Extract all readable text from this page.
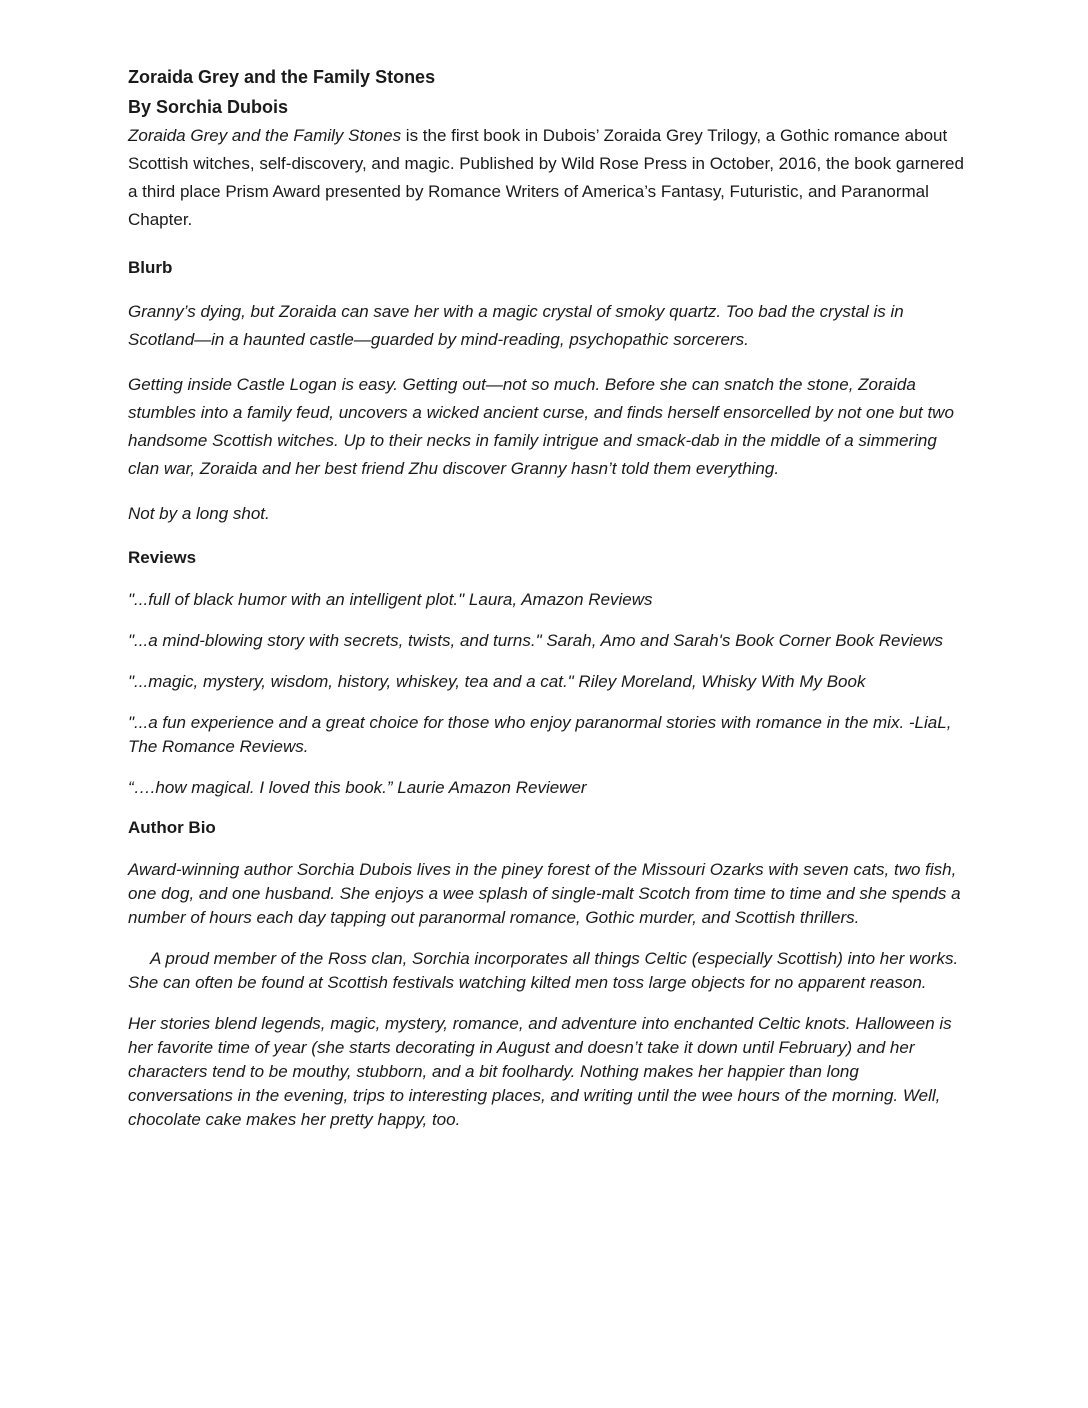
Zoraida Grey and the Family Stones

By Sorchia Dubois

Zoraida Grey and the Family Stones is the first book in Dubois’ Zoraida Grey Trilogy, a Gothic romance about Scottish witches, self-discovery, and magic. Published by Wild Rose Press in October, 2016, the book garnered a third place Prism Award presented by Romance Writers of America’s Fantasy, Futuristic, and Paranormal Chapter.

Blurb

Granny’s dying, but Zoraida can save her with a magic crystal of smoky quartz. Too bad the crystal is in Scotland—in a haunted castle—guarded by mind-reading, psychopathic sorcerers.

Getting inside Castle Logan is easy. Getting out—not so much. Before she can snatch the stone, Zoraida stumbles into a family feud, uncovers a wicked ancient curse, and finds herself ensorcelled by not one but two handsome Scottish witches. Up to their necks in family intrigue and smack-dab in the middle of a simmering clan war, Zoraida and her best friend Zhu discover Granny hasn’t told them everything.

Not by a long shot.

Reviews

"...full of black humor with an intelligent plot." Laura, Amazon Reviews

"...a mind-blowing story with secrets, twists, and turns." Sarah, Amo and Sarah's Book Corner Book Reviews

"...magic, mystery, wisdom, history, whiskey, tea and a cat." Riley Moreland, Whisky With My Book

"...a fun experience and a great choice for those who enjoy paranormal stories with romance in the mix. -LiaL, The Romance Reviews.

“….how magical. I loved this book.” Laurie Amazon Reviewer

Author Bio

Award-winning author Sorchia Dubois lives in the piney forest of the Missouri Ozarks with seven cats, two fish, one dog, and one husband. She enjoys a wee splash of single-malt Scotch from time to time and she spends a number of hours each day tapping out paranormal romance, Gothic murder, and Scottish thrillers.

A proud member of the Ross clan, Sorchia incorporates all things Celtic (especially Scottish) into her works. She can often be found at Scottish festivals watching kilted men toss large objects for no apparent reason.

Her stories blend legends, magic, mystery, romance, and adventure into enchanted Celtic knots. Halloween is her favorite time of year (she starts decorating in August and doesn’t take it down until February) and her characters tend to be mouthy, stubborn, and a bit foolhardy. Nothing makes her happier than long conversations in the evening, trips to interesting places, and writing until the wee hours of the morning. Well, chocolate cake makes her pretty happy, too.
